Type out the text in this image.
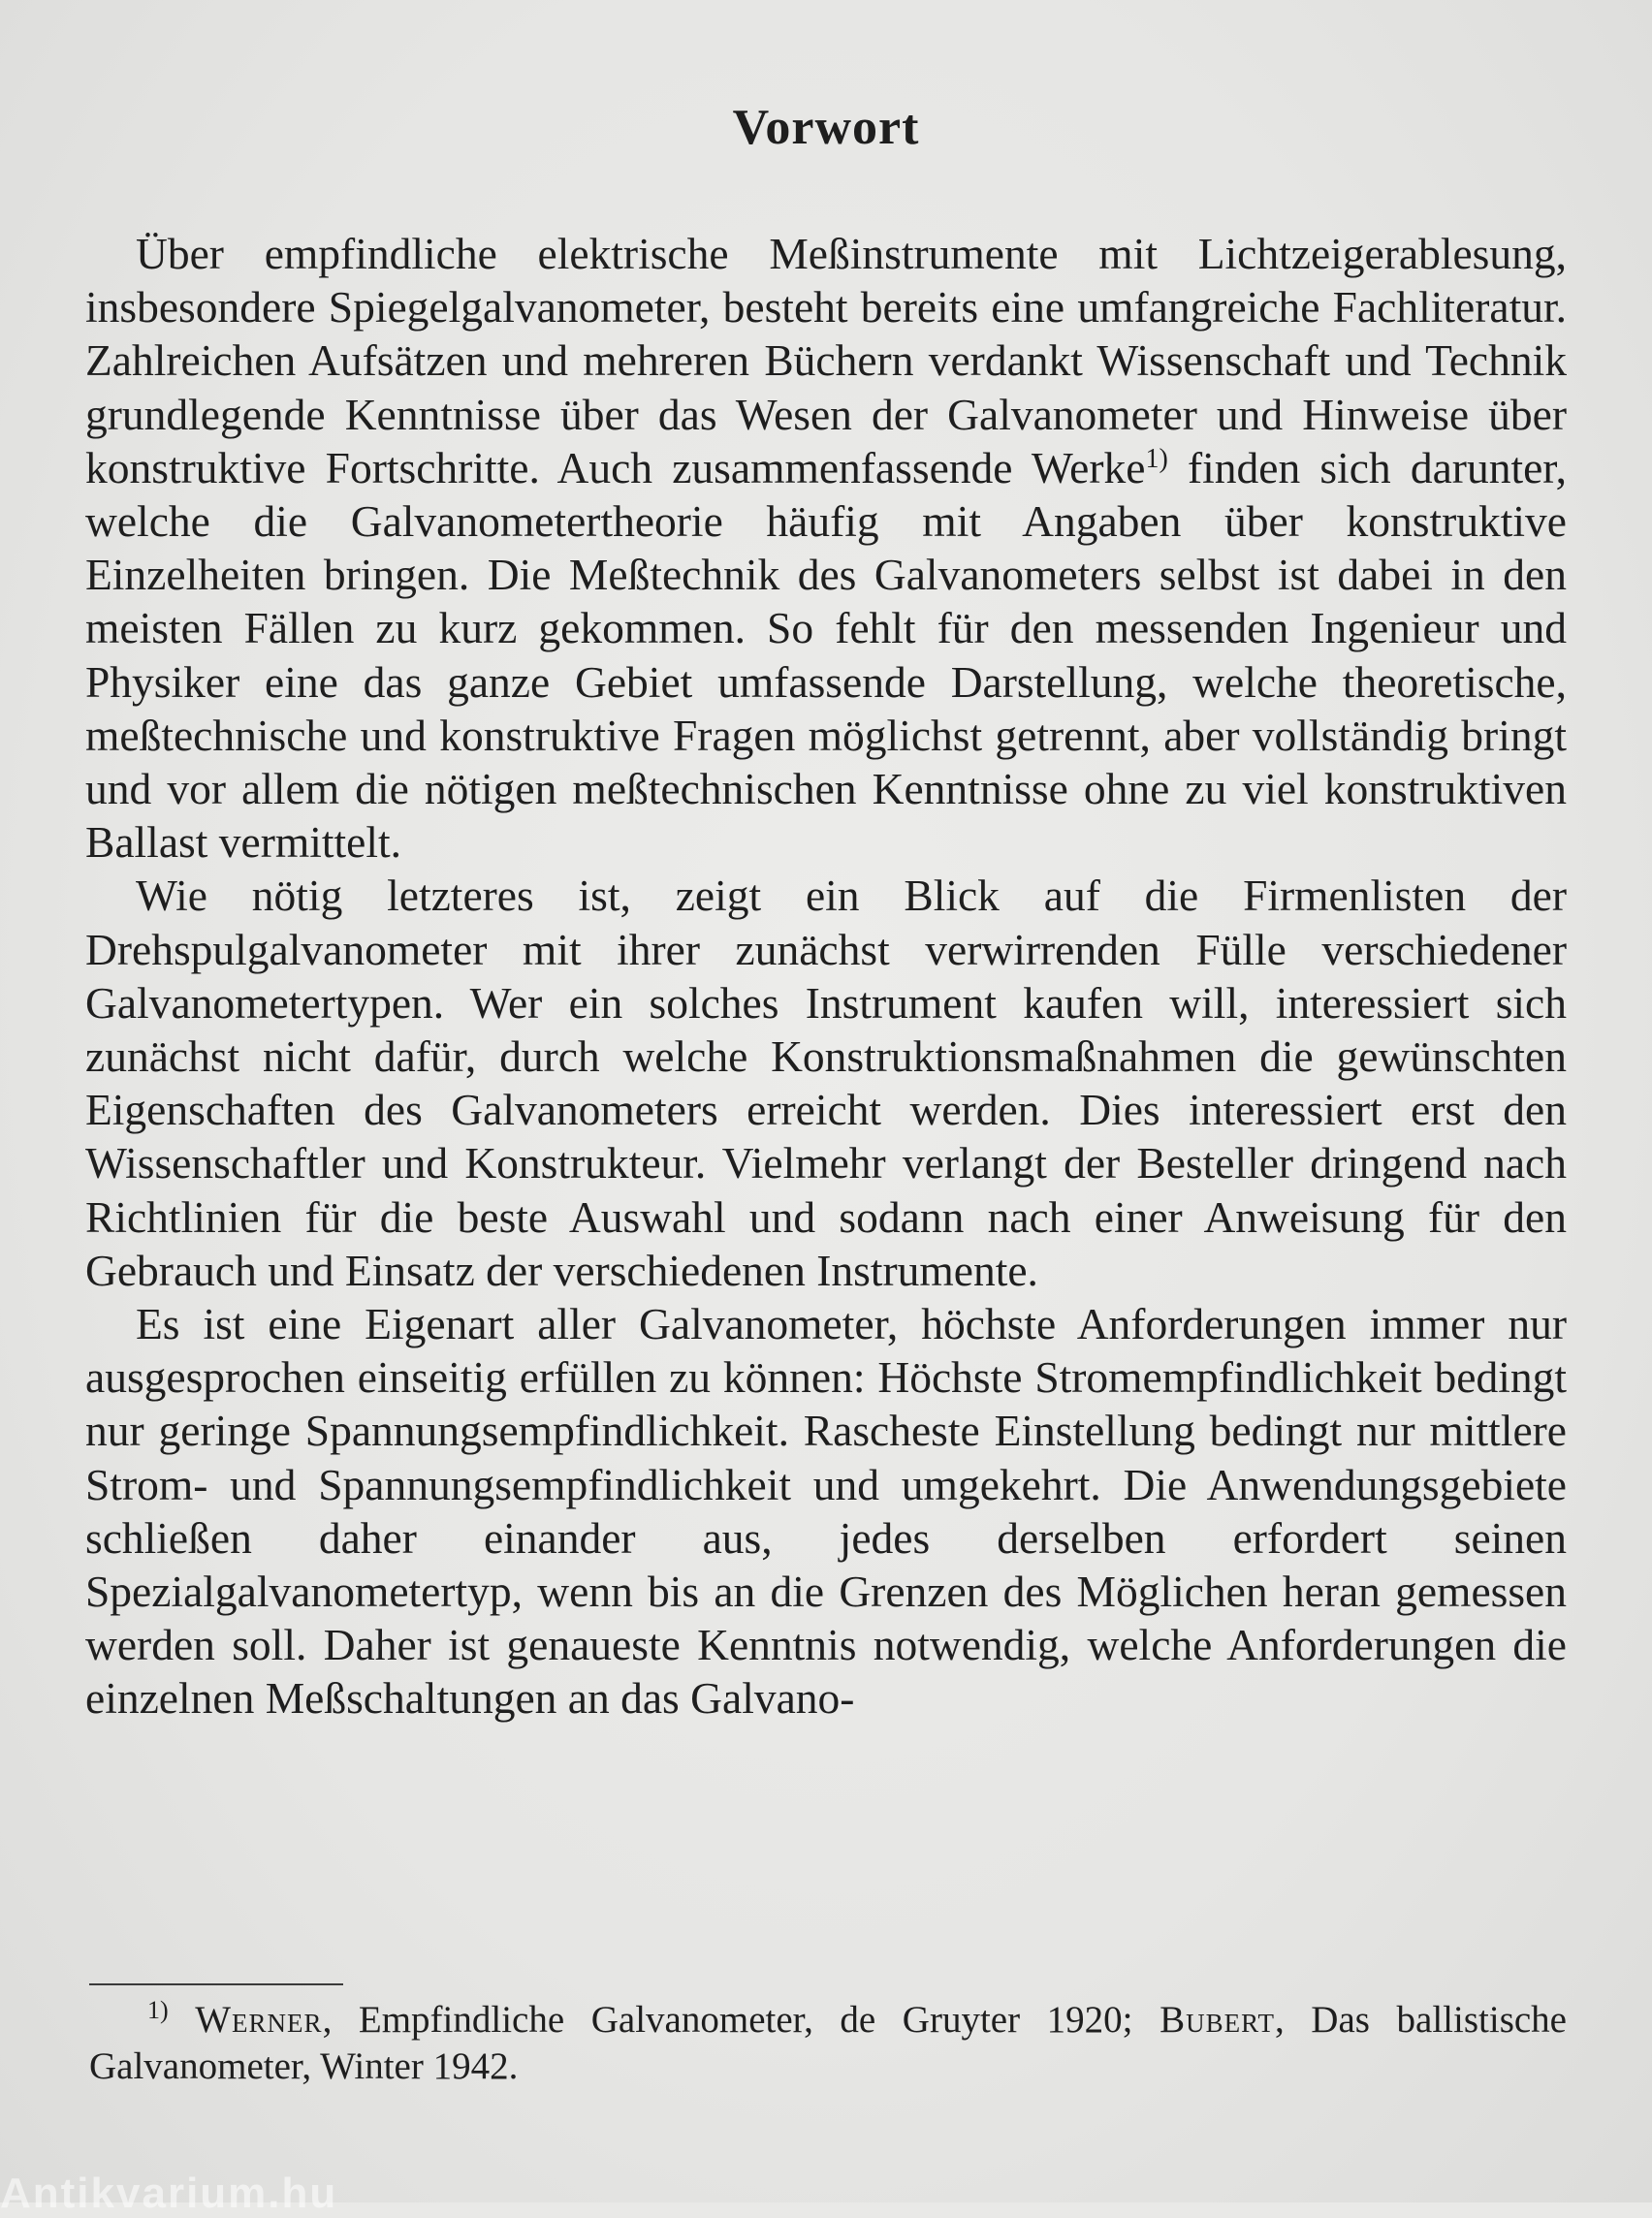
Vorwort

Über empfindliche elektrische Meßinstrumente mit Lichtzeigerablesung, insbesondere Spiegelgalvanometer, besteht bereits eine umfangreiche Fachliteratur. Zahlreichen Aufsätzen und mehreren Büchern verdankt Wissenschaft und Technik grundlegende Kenntnisse über das Wesen der Galvanometer und Hinweise über konstruktive Fortschritte. Auch zusammenfassende Werke$^{1)}$ finden sich darunter, welche die Galvanometertheorie häufig mit Angaben über konstruktive Einzelheiten bringen. Die Meßtechnik des Galvanometers selbst ist dabei in den meisten Fällen zu kurz gekommen. So fehlt für den messenden Ingenieur und Physiker eine das ganze Gebiet umfassende Darstellung, welche theoretische, meßtechnische und konstruktive Fragen möglichst getrennt, aber vollständig bringt und vor allem die nötigen meßtechnischen Kenntnisse ohne zu viel konstruktiven Ballast vermittelt.

Wie nötig letzteres ist, zeigt ein Blick auf die Firmenlisten der Drehspulgalvanometer mit ihrer zunächst verwirrenden Fülle verschiedener Galvanometertypen. Wer ein solches Instrument kaufen will, interessiert sich zunächst nicht dafür, durch welche Konstruktionsmaßnahmen die gewünschten Eigenschaften des Galvanometers erreicht werden. Dies interessiert erst den Wissenschaftler und Konstrukteur. Vielmehr verlangt der Besteller dringend nach Richtlinien für die beste Auswahl und sodann nach einer Anweisung für den Gebrauch und Einsatz der verschiedenen Instrumente.

Es ist eine Eigenart aller Galvanometer, höchste Anforderungen immer nur ausgesprochen einseitig erfüllen zu können: Höchste Stromempfindlichkeit bedingt nur geringe Spannungsempfindlichkeit. Rascheste Einstellung bedingt nur mittlere Strom- und Spannungsempfindlichkeit und umgekehrt. Die Anwendungsgebiete schließen daher einander aus, jedes derselben erfordert seinen Spezialgalvanometertyp, wenn bis an die Grenzen des Möglichen heran gemessen werden soll. Daher ist genaueste Kenntnis notwendig, welche Anforderungen die einzelnen Meßschaltungen an das Galvano-

$^{1)}$ Werner, Empfindliche Galvanometer, de Gruyter 1920; Bubert, Das ballistische Galvanometer, Winter 1942.

Antikvarium.hu
